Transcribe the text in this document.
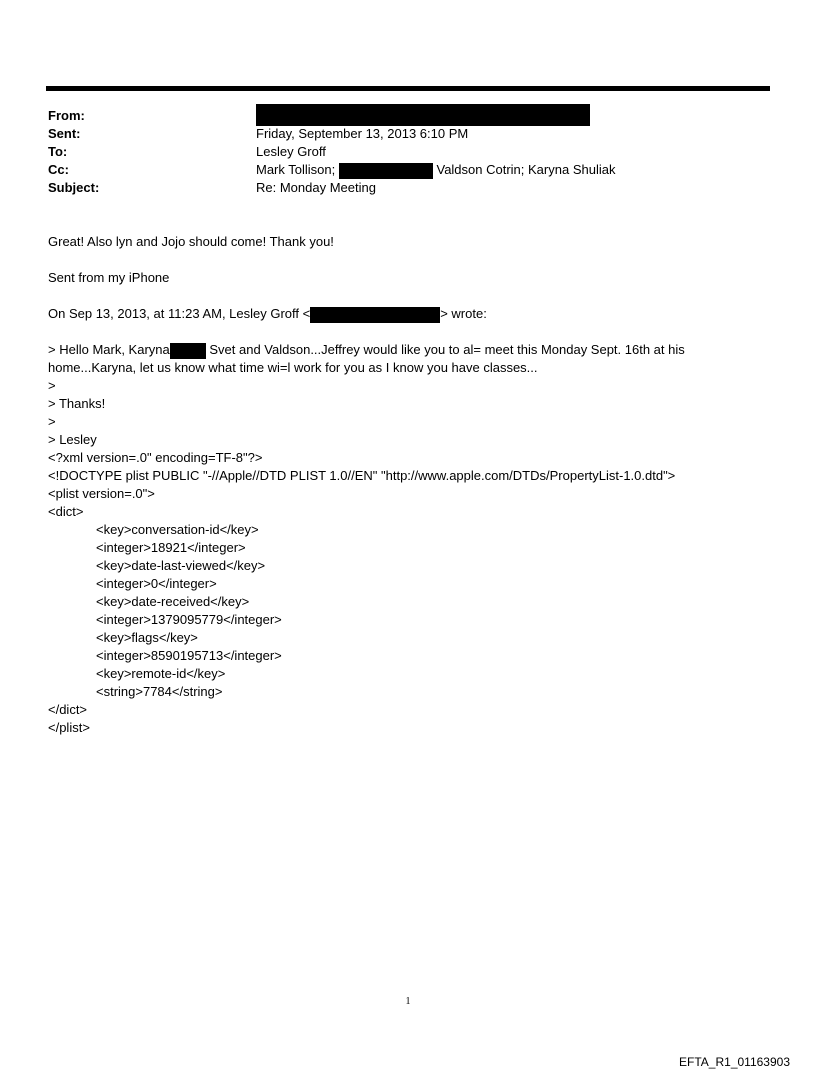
From:
Sent:	Friday, September 13, 2013 6:10 PM
To:	Lesley Groff
Cc:	Mark Tollison;	Valdson Cotrin; Karyna Shuliak
Subject:	Re: Monday Meeting
Great! Also lyn and Jojo should come! Thank you!
Sent from my iPhone
On Sep 13, 2013, at 11:23 AM, Lesley Groff <	> wrote:
> Hello Mark, Karyna	Svet and Valdson...Jeffrey would like you to al= meet this Monday Sept. 16th at his
home...Karyna, let us know what time wi=l work for you as I know you have classes...
>
> Thanks!
>
> Lesley
<?xml version=.0" encoding=TF-8"?>
<!DOCTYPE plist PUBLIC "-//Apple//DTD PLIST 1.0//EN" "http://www.apple.com/DTDs/PropertyList-1.0.dtd">
<plist version=.0">
<dict>
<key>conversation-id</key>
<integer>18921</integer>
<key>date-last-viewed</key>
<integer>0</integer>
<key>date-received</key>
<integer>1379095779</integer>
<key>flags</key>
<integer>8590195713</integer>
<key>remote-id</key>
<string>7784</string>
</dict>
</plist>
1
EFTA_R1_01163903
